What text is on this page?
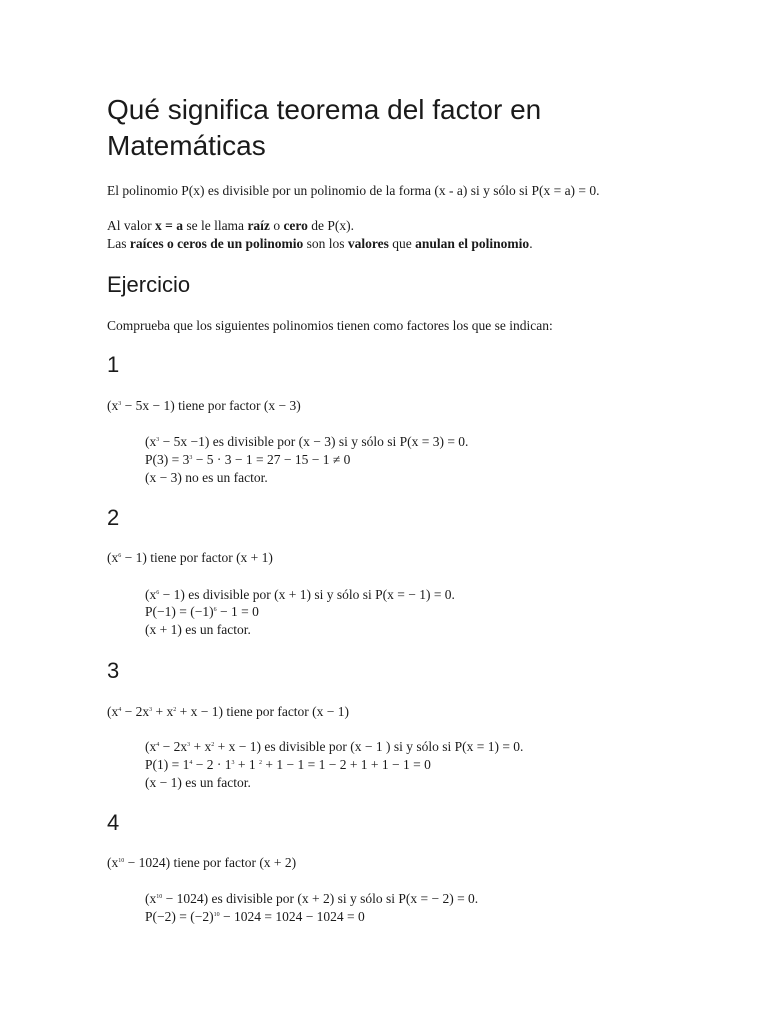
Qué significa teorema del factor en Matemáticas

El polinomio P(x) es divisible por un polinomio de la forma (x - a) si y sólo si P(x = a) = 0.

Al valor x = a se le llama raíz o cero de P(x).

Las raíces o ceros de un polinomio son los valores que anulan el polinomio.

Ejercicio

Comprueba que los siguientes polinomios tienen como factores los que se indican:

1

$(x^3 - 5x - 1)$ tiene por factor (x − 3)

$(x^3 - 5x -1)$ es divisible por (x − 3) si y sólo si P(x = 3) = 0.

$P(3) = 3^3 - 5 \cdot 3 - 1 = 27 - 15 - 1 \ne 0$

(x − 3) no es un factor.

2

$(x^6 - 1)$ tiene por factor (x + 1)

$(x^6 - 1)$ es divisible por (x + 1) si y sólo si P(x = − 1) = 0.

$P(-1) = (-1)^6 - 1 = 0$

(x + 1) es un factor.

3

$(x^4 - 2x^3 + x^2 + x - 1)$ tiene por factor (x − 1)

$(x^4 - 2x^3 + x^2 + x - 1)$ es divisible por (x − 1 ) si y sólo si P(x = 1) = 0.

$P(1) = 1^4 - 2 \cdot 1^3 + 1$ $^2$ + 1 − 1 = 1 − 2 + 1 + 1 − 1 = 0

(x − 1) es un factor.

4

$(x^{10} - 1024)$ tiene por factor (x + 2)

$(x^{10} - 1024)$ es divisible por (x + 2) si y sólo si P(x = − 2) = 0.

$P(-2) = (-2)^{10} - 1024 = 1024 - 1024 = 0$
